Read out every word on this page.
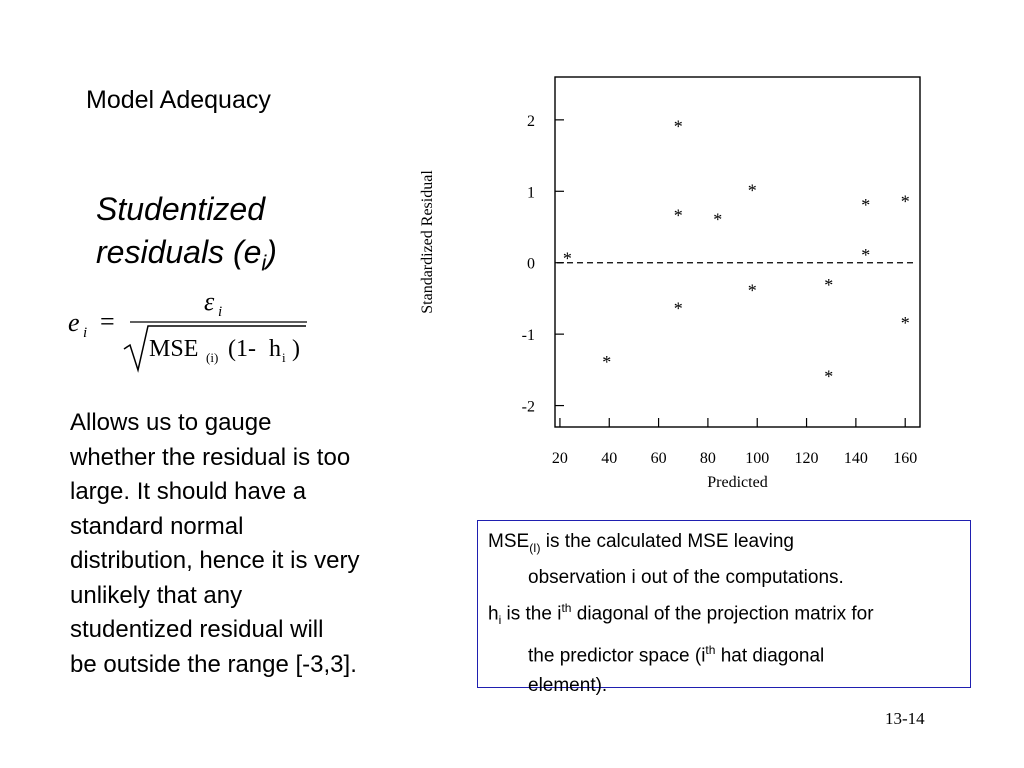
Model Adequacy
Studentized
residuals $(e_i)$
e i =
ε i
MSE (i) (1- h i )
Allows us to gauge
whether the residual is too
large. It should have a
standard normal
distribution, hence it is very
unlikely that any
studentized residual will
be outside the range [-3,3].
2
1
0
-1
-2
20 40 60 80 100 120 140 160
*
*
*
*
*
*
*
*	*
*
*
*
*
*
Predicted
Standardized Residual
$MSE_{(I)}$ is the calculated MSE leaving
observation i out of the computations.
$h_i$ is the $i^{th}$ diagonal of the projection matrix for
the predictor space ($i^{th}$ hat diagonal
element).
13-14
